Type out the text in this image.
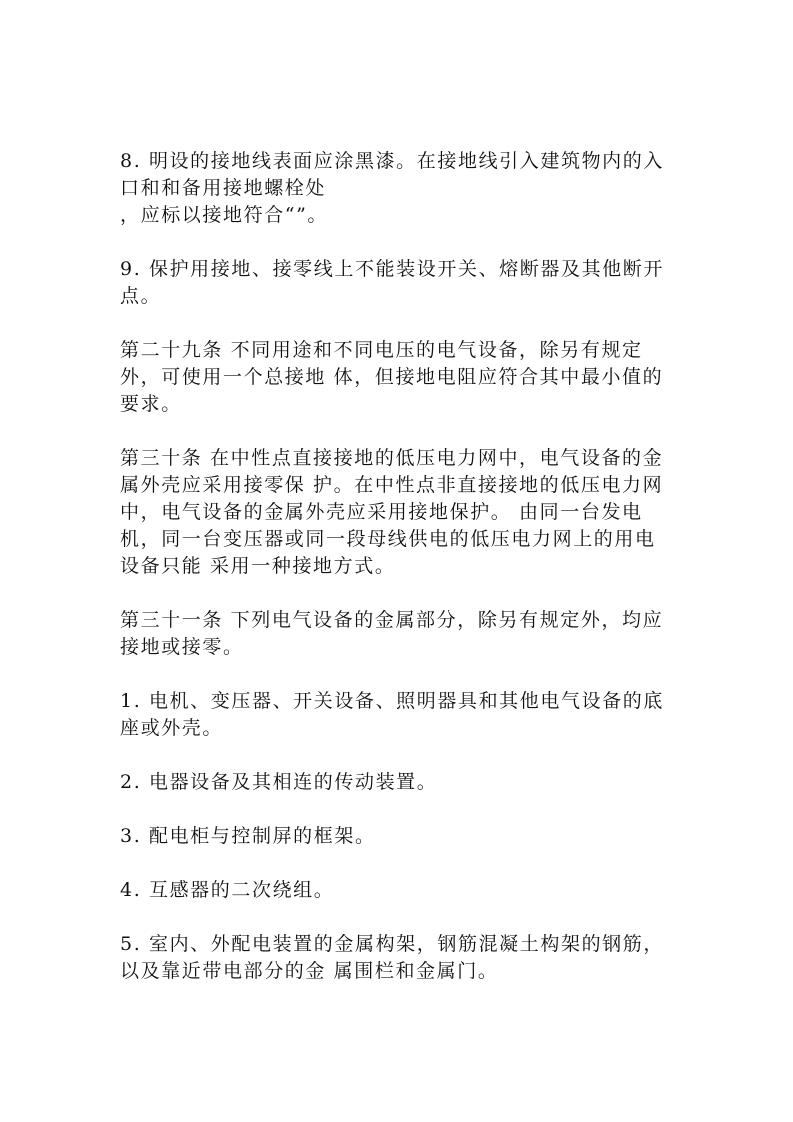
8. 明设的接地线表面应涂黑漆。在接地线引入建筑物内的入口和和备用接地螺栓处
，应标以接地符合“”。

9. 保护用接地、接零线上不能装设开关、熔断器及其他断开点。

第二十九条 不同用途和不同电压的电气设备，除另有规定外，可使用一个总接地 体，但接地电阻应符合其中最小值的要求。

第三十条 在中性点直接接地的低压电力网中，电气设备的金属外壳应采用接零保 护。在中性点非直接接地的低压电力网中，电气设备的金属外壳应采用接地保护。 由同一台发电机，同一台变压器或同一段母线供电的低压电力网上的用电设备只能 采用一种接地方式。

第三十一条 下列电气设备的金属部分，除另有规定外，均应接地或接零。

1. 电机、变压器、开关设备、照明器具和其他电气设备的底座或外壳。

2. 电器设备及其相连的传动装置。

3. 配电柜与控制屏的框架。

4. 互感器的二次绕组。

5. 室内、外配电装置的金属构架，钢筋混凝土构架的钢筋，以及靠近带电部分的金 属围栏和金属门。
